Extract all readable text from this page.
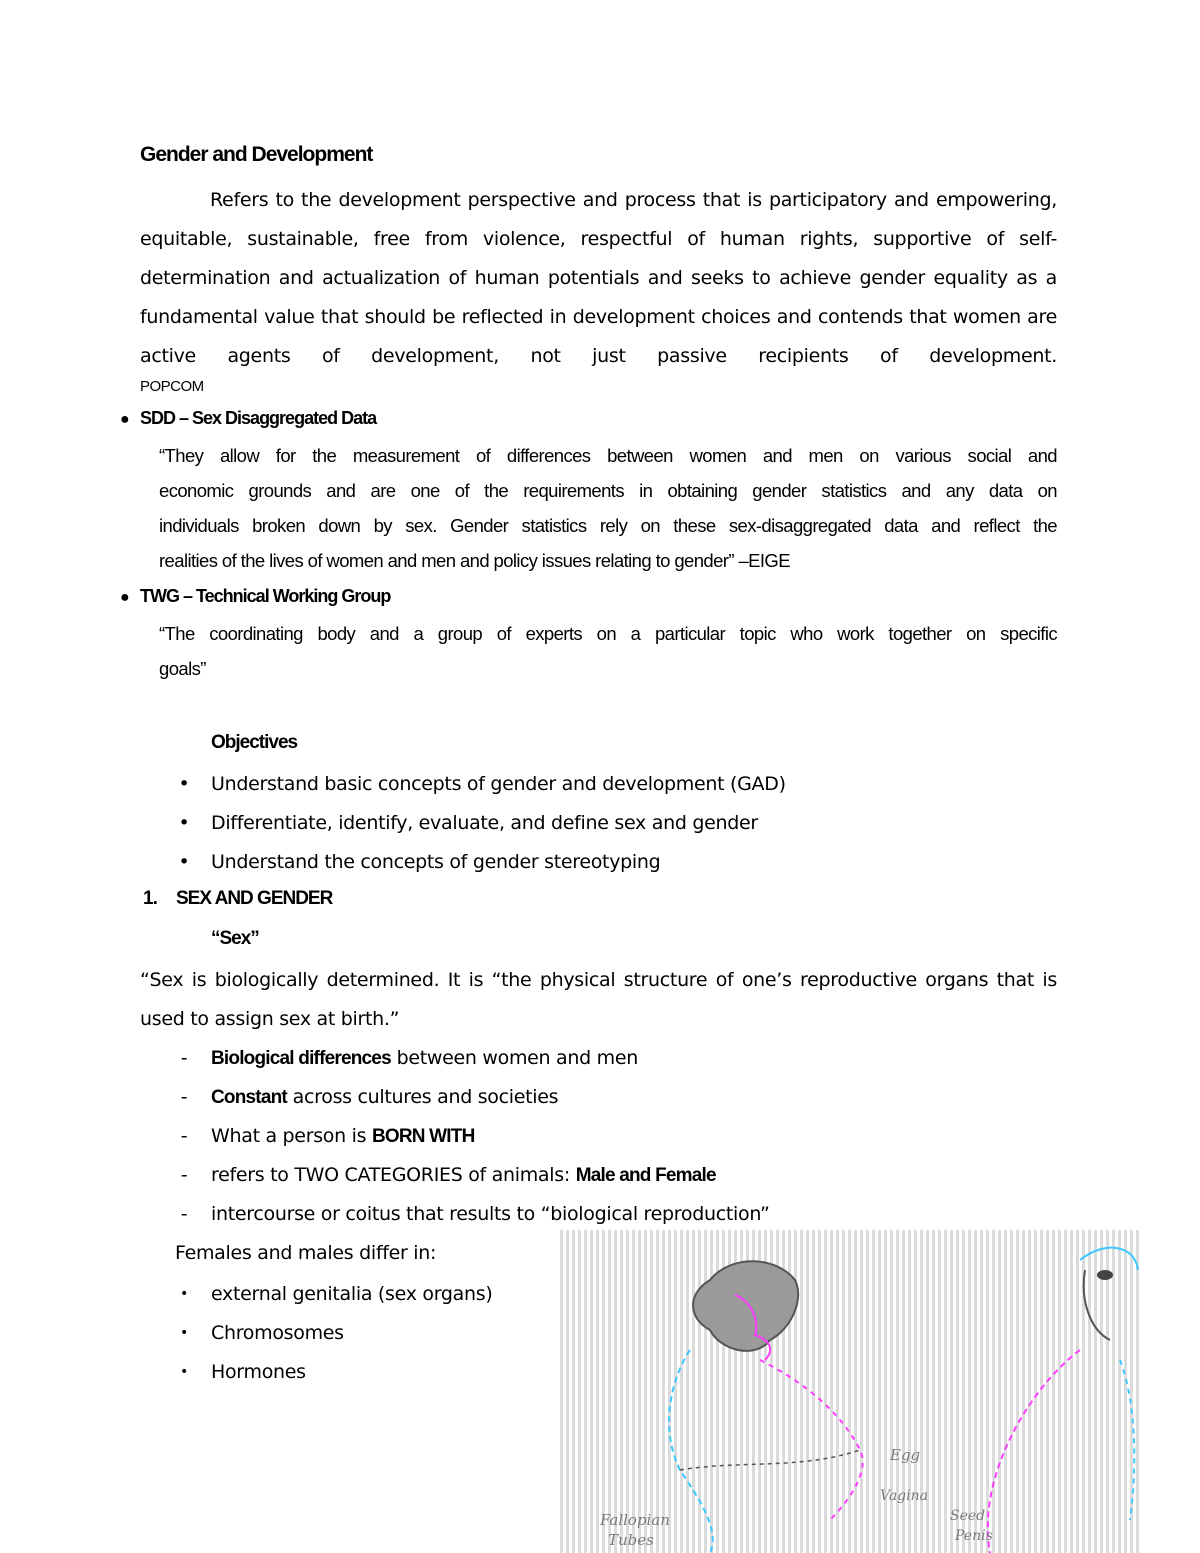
Gender and Development

Refers to the development perspective and process that is participatory and empowering, equitable, sustainable, free from violence, respectful of human rights, supportive of self-determination and actualization of human potentials and seeks to achieve gender equality as a fundamental value that should be reflected in development choices and contends that women are active agents of development, not just passive recipients of development.

POPCOM
● SDD – Sex Disaggregated Data

“They allow for the measurement of differences between women and men on various social and
economic grounds and are one of the requirements in obtaining gender statistics and any data on
individuals broken down by sex. Gender statistics rely on these sex-disaggregated data and reflect the
realities of the lives of women and men and policy issues relating to gender” –EIGE

● TWG – Technical Working Group

“The coordinating body and a group of experts on a particular topic who work together on specific
goals”

Objectives
• Understand basic concepts of gender and development (GAD)
• Differentiate, identify, evaluate, and define sex and gender
• Understand the concepts of gender stereotyping
1. SEX AND GENDER
“Sex”

“Sex is biologically determined. It is “the physical structure of one’s reproductive organs that is
used to assign sex at birth.”

-	Biological differences between women and men
-	Constant across cultures and societies
-	What a person is BORN WITH
-	refers to TWO CATEGORIES of animals: Male and Female
-	intercourse or coitus that results to “biological reproduction”
Females and males differ in:
•	external genitalia (sex organs)
•	Chromosomes
•	Hormones
Fallopian
Tubes
Egg
Vagina
Seed
Penis
